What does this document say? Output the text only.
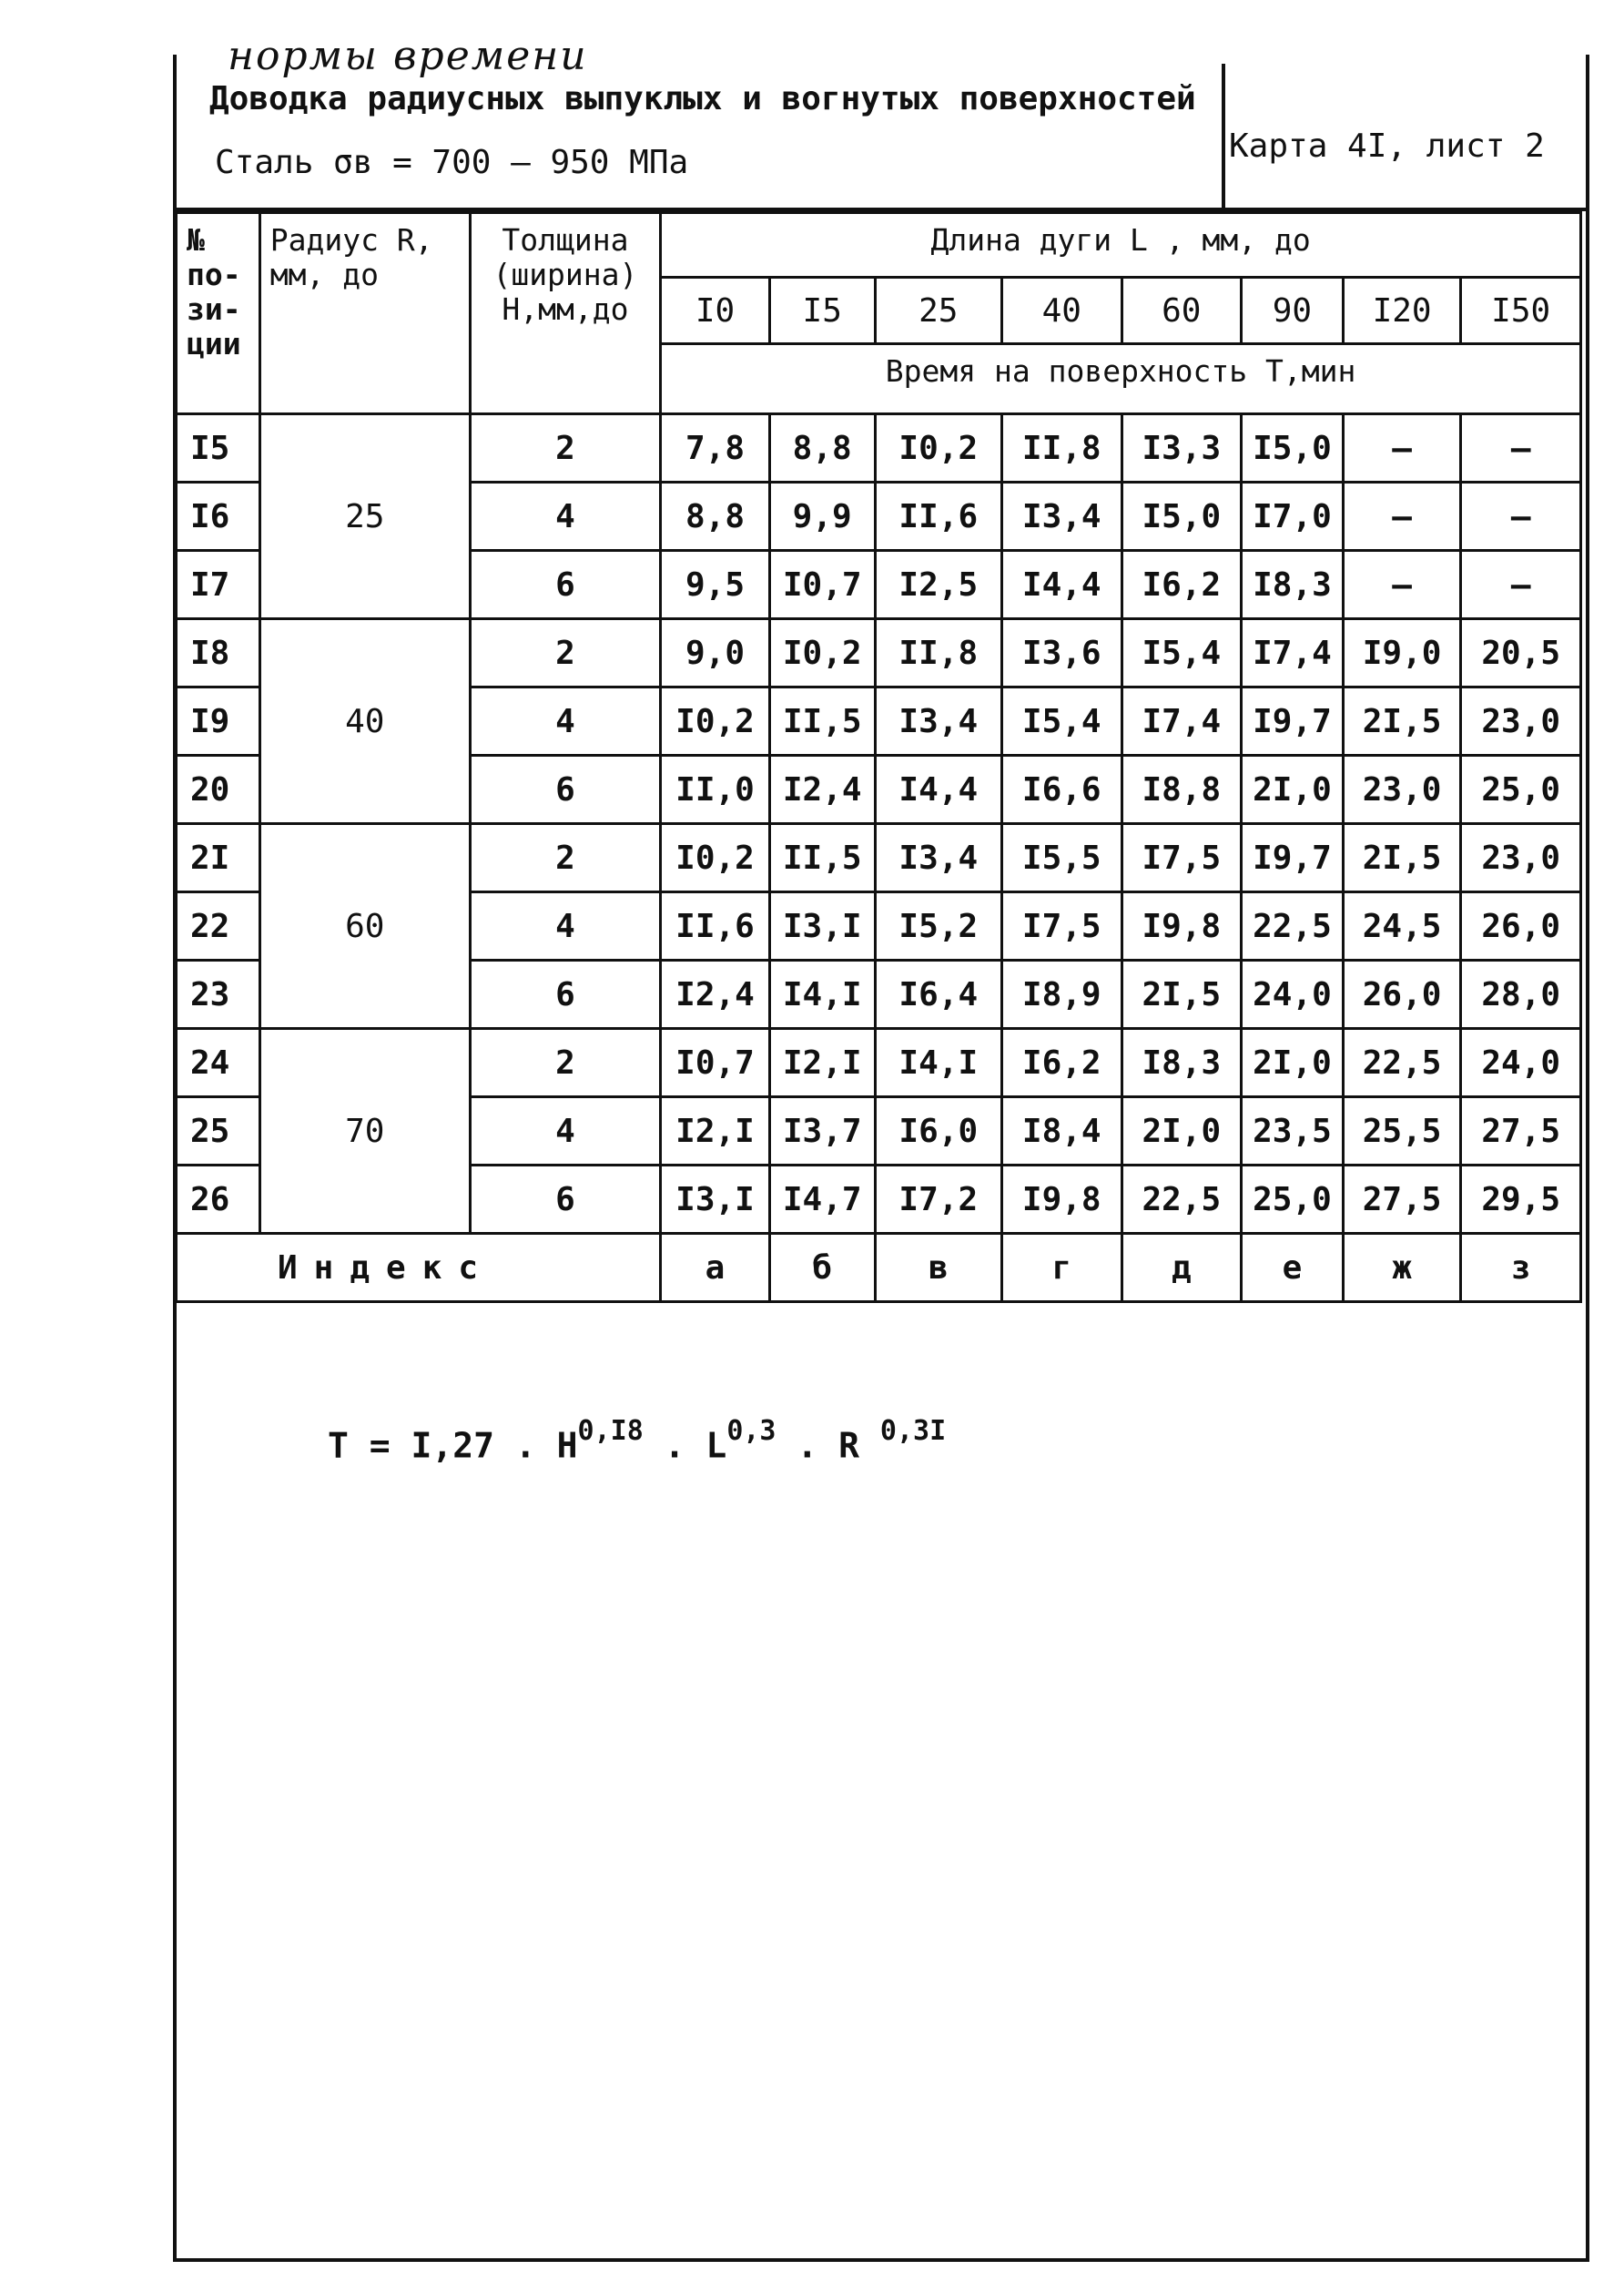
нормы времени
Доводка радиусных выпуклых и вогнутых поверхностей
Сталь σв = 700 – 950 МПа	Карта 4I, лист 2
№ по-зи-ции	Радиус R, мм, до	Толщина (ширина) Н,мм,до	Длина дуги L , мм, до							
			I0	I5	25	40	60	90	I20	I50
			Время на поверхность Т,мин							
I5	25	2	7,8	8,8	I0,2	II,8	I3,3	I5,0	–	–
I6		4	8,8	9,9	II,6	I3,4	I5,0	I7,0	–	–
I7		6	9,5	I0,7	I2,5	I4,4	I6,2	I8,3	–	–
I8	40	2	9,0	I0,2	II,8	I3,6	I5,4	I7,4	I9,0	20,5
I9		4	I0,2	II,5	I3,4	I5,4	I7,4	I9,7	2I,5	23,0
20		6	II,0	I2,4	I4,4	I6,6	I8,8	2I,0	23,0	25,0
2I	60	2	I0,2	II,5	I3,4	I5,5	I7,5	I9,7	2I,5	23,0
22		4	II,6	I3,I	I5,2	I7,5	I9,8	22,5	24,5	26,0
23		6	I2,4	I4,I	I6,4	I8,9	2I,5	24,0	26,0	28,0
24	70	2	I0,7	I2,I	I4,I	I6,2	I8,3	2I,0	22,5	24,0
25		4	I2,I	I3,7	I6,0	I8,4	2I,0	23,5	25,5	27,5
26		6	I3,I	I4,7	I7,2	I9,8	22,5	25,0	27,5	29,5
Индекс			а	б	в	г	д	е	ж	з
Т = I,27 . $Н^{0,I8}$ . L$^{0,3}$ . R $^{0,3I}$
